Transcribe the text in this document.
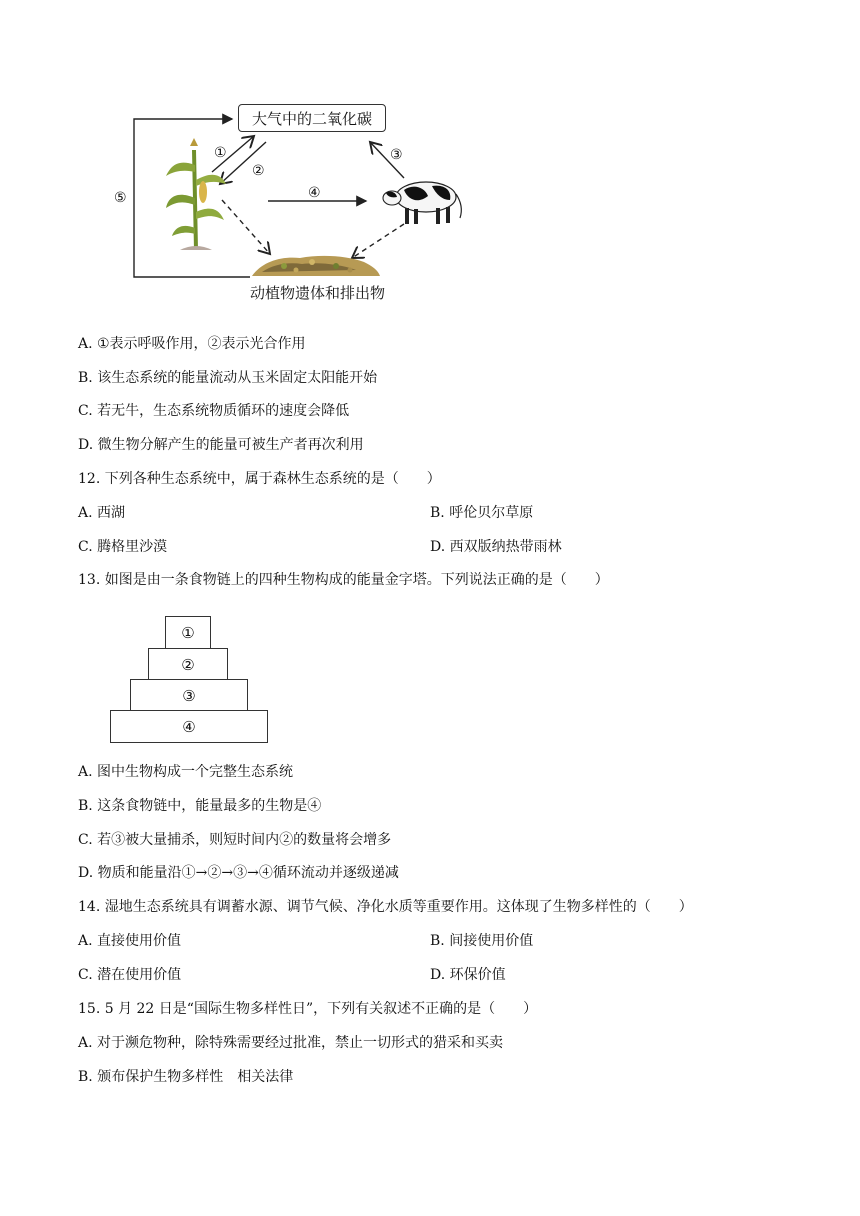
大气中的二氧化碳
①
②
③
④
⑤
动植物遗体和排出物
A. ①表示呼吸作用，②表示光合作用
B. 该生态系统的能量流动从玉米固定太阳能开始
C. 若无牛，生态系统物质循环的速度会降低
D. 微生物分解产生的能量可被生产者再次利用
12. 下列各种生态系统中，属于森林生态系统的是（　　）
A. 西湖	B. 呼伦贝尔草原
C. 腾格里沙漠	D. 西双版纳热带雨林
13. 如图是由一条食物链上的四种生物构成的能量金字塔。下列说法正确的是（　　）
①
②
③
④
A. 图中生物构成一个完整生态系统
B. 这条食物链中，能量最多的生物是④
C. 若③被大量捕杀，则短时间内②的数量将会增多
D. 物质和能量沿①→②→③→④循环流动并逐级递减
14. 湿地生态系统具有调蓄水源、调节气候、净化水质等重要作用。这体现了生物多样性的（　　）
A. 直接使用价值	B. 间接使用价值
C. 潜在使用价值	D. 环保价值
15. 5 月 22 日是“国际生物多样性日”，下列有关叙述不正确的是（　　）
A. 对于濒危物种，除特殊需要经过批准，禁止一切形式的猎采和买卖
B. 颁布保护生物多样性　相关法律
